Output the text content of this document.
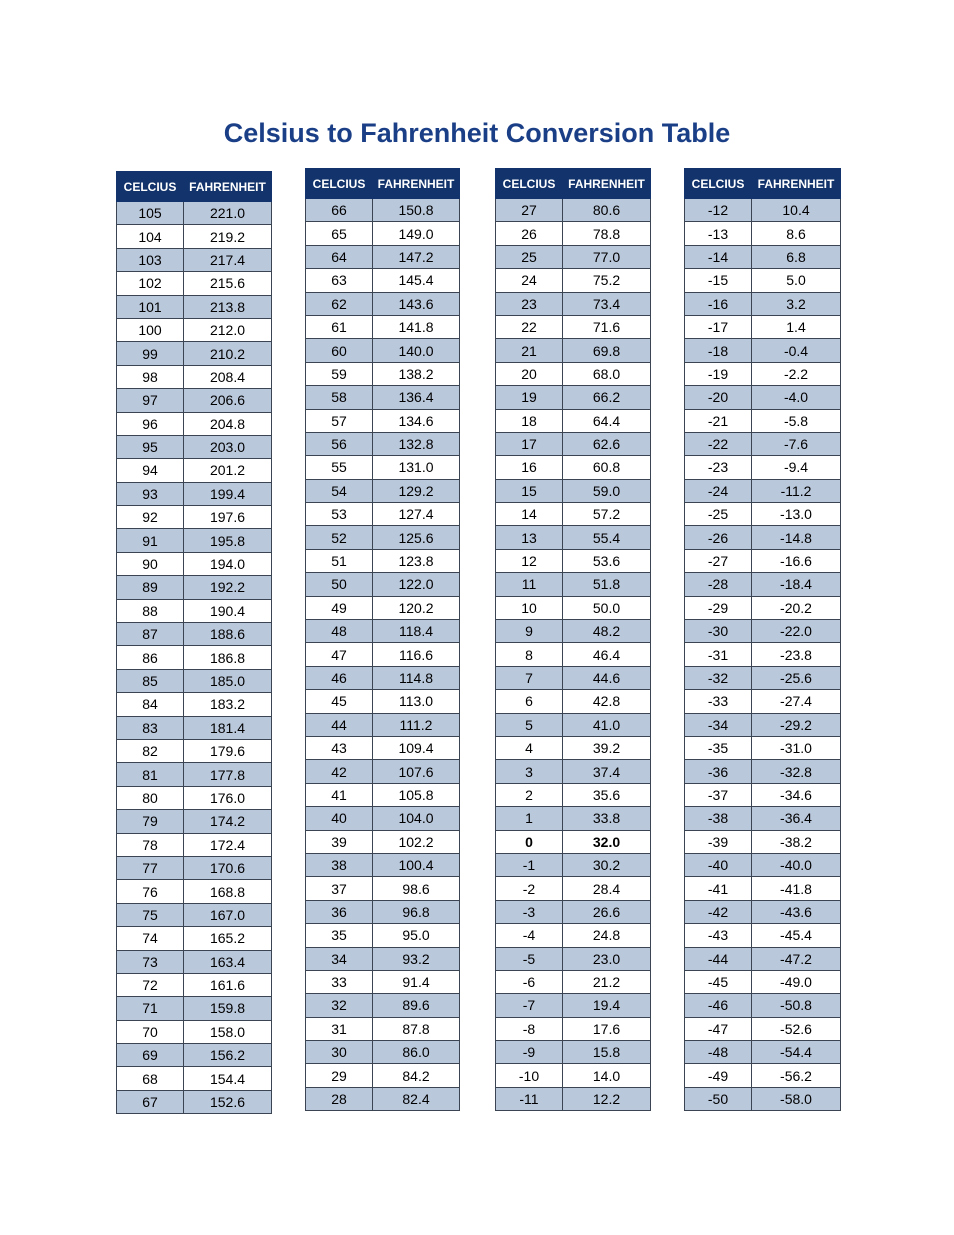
Celsius to Fahrenheit Conversion Table
CELCIUS	FAHRENHEIT
105	221.0
104	219.2
103	217.4
102	215.6
101	213.8
100	212.0
99	210.2
98	208.4
97	206.6
96	204.8
95	203.0
94	201.2
93	199.4
92	197.6
91	195.8
90	194.0
89	192.2
88	190.4
87	188.6
86	186.8
85	185.0
84	183.2
83	181.4
82	179.6
81	177.8
80	176.0
79	174.2
78	172.4
77	170.6
76	168.8
75	167.0
74	165.2
73	163.4
72	161.6
71	159.8
70	158.0
69	156.2
68	154.4
67	152.6
CELCIUS	FAHRENHEIT
66	150.8
65	149.0
64	147.2
63	145.4
62	143.6
61	141.8
60	140.0
59	138.2
58	136.4
57	134.6
56	132.8
55	131.0
54	129.2
53	127.4
52	125.6
51	123.8
50	122.0
49	120.2
48	118.4
47	116.6
46	114.8
45	113.0
44	111.2
43	109.4
42	107.6
41	105.8
40	104.0
39	102.2
38	100.4
37	98.6
36	96.8
35	95.0
34	93.2
33	91.4
32	89.6
31	87.8
30	86.0
29	84.2
28	82.4
CELCIUS	FAHRENHEIT
27	80.6
26	78.8
25	77.0
24	75.2
23	73.4
22	71.6
21	69.8
20	68.0
19	66.2
18	64.4
17	62.6
16	60.8
15	59.0
14	57.2
13	55.4
12	53.6
11	51.8
10	50.0
9	48.2
8	46.4
7	44.6
6	42.8
5	41.0
4	39.2
3	37.4
2	35.6
1	33.8
0	32.0
-1	30.2
-2	28.4
-3	26.6
-4	24.8
-5	23.0
-6	21.2
-7	19.4
-8	17.6
-9	15.8
-10	14.0
-11	12.2
CELCIUS	FAHRENHEIT
-12	10.4
-13	8.6
-14	6.8
-15	5.0
-16	3.2
-17	1.4
-18	-0.4
-19	-2.2
-20	-4.0
-21	-5.8
-22	-7.6
-23	-9.4
-24	-11.2
-25	-13.0
-26	-14.8
-27	-16.6
-28	-18.4
-29	-20.2
-30	-22.0
-31	-23.8
-32	-25.6
-33	-27.4
-34	-29.2
-35	-31.0
-36	-32.8
-37	-34.6
-38	-36.4
-39	-38.2
-40	-40.0
-41	-41.8
-42	-43.6
-43	-45.4
-44	-47.2
-45	-49.0
-46	-50.8
-47	-52.6
-48	-54.4
-49	-56.2
-50	-58.0
